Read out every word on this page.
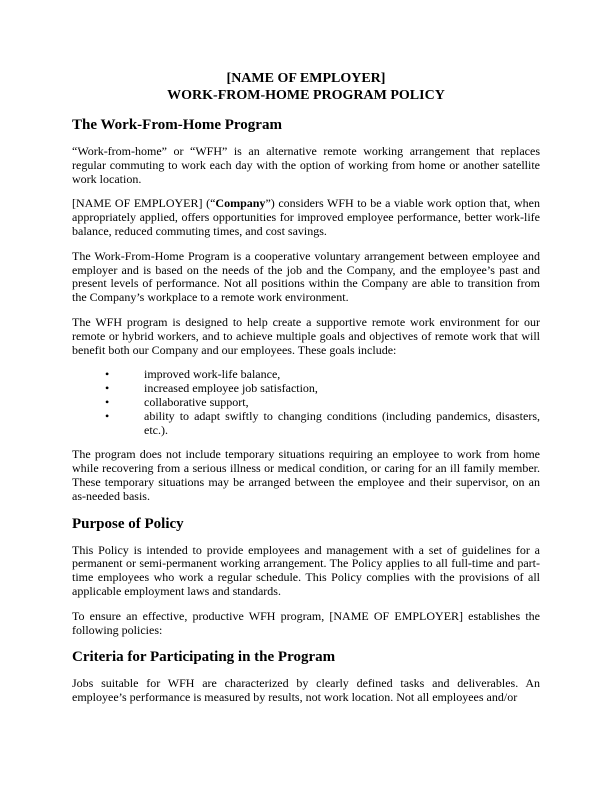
[NAME OF EMPLOYER]
WORK-FROM-HOME PROGRAM POLICY
The Work-From-Home Program

“Work-from-home” or “WFH” is an alternative remote working arrangement that replaces regular commuting to work each day with the option of working from home or another satellite work location.

[NAME OF EMPLOYER] (“Company”) considers WFH to be a viable work option that, when appropriately applied, offers opportunities for improved employee performance, better work-life balance, reduced commuting times, and cost savings.

The Work-From-Home Program is a cooperative voluntary arrangement between employee and employer and is based on the needs of the job and the Company, and the employee’s past and present levels of performance. Not all positions within the Company are able to transition from the Company’s workplace to a remote work environment.

The WFH program is designed to help create a supportive remote work environment for our remote or hybrid workers, and to achieve multiple goals and objectives of remote work that will benefit both our Company and our employees. These goals include:

•	improved work-life balance,
•	increased employee job satisfaction,
•	collaborative support,
•	ability to adapt swiftly to changing conditions (including pandemics, disasters, etc.).

The program does not include temporary situations requiring an employee to work from home while recovering from a serious illness or medical condition, or caring for an ill family member. These temporary situations may be arranged between the employee and their supervisor, on an as-needed basis.

Purpose of Policy

This Policy is intended to provide employees and management with a set of guidelines for a permanent or semi-permanent working arrangement. The Policy applies to all full-time and part-time employees who work a regular schedule. This Policy complies with the provisions of all applicable employment laws and standards.

To ensure an effective, productive WFH program, [NAME OF EMPLOYER] establishes the following policies:

Criteria for Participating in the Program

Jobs suitable for WFH are characterized by clearly defined tasks and deliverables. An employee’s performance is measured by results, not work location. Not all employees and/or
